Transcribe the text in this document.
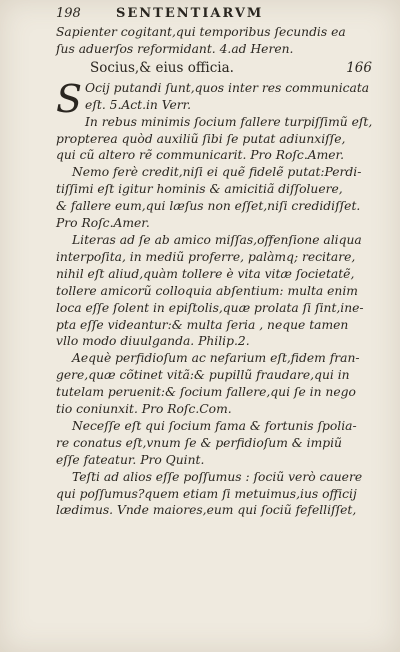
198	SENTENTIARVM
Sapienter cogitant,qui temporibus ſecundis ea
ſus aduerſos reformidant. 4.ad Heren.
Socius,& eius officia.	166
S Ocij putandi ſunt,quos inter res communicata
eſt. 5.Act.in Verr.
In rebus minimis ſocium fallere turpiſſimũ eſt,
propterea quòd auxiliũ ſibi ſe putat adiunxiſſe,
qui cũ altero rẽ communicarit. Pro Roſc.Amer.
Nemo ferè credit,niſi ei quẽ fidelẽ putat:Perdi-
tiſſimi eſt igitur hominis & amicitiã diſſoluere,
& fallere eum,qui læſus non eſſet,niſi credidiſſet.
Pro Roſc.Amer.
Literas ad ſe ab amico miſſas,offenſione aliqua
interpoſita, in mediũ proferre, palàmq; recitare,
nihil eſt aliud,quàm tollere è vita vitæ ſocietatẽ,
tollere amicorũ colloquia abſentium: multa enim
loca eſſe ſolent in epiſtolis,quæ prolata ſi ſint,ine-
pta eſſe videantur:& multa ſeria , neque tamen
vllo modo diuulganda. Philip.2.
Aequè perfidioſum ac nefarium eſt,fidem fran-
gere,quæ cõtinet vitã:& pupillũ fraudare,qui in
tutelam peruenit:& ſocium fallere,qui ſe in nego
tio coniunxit. Pro Roſc.Com.
Neceſſe eſt qui ſocium fama & fortunis ſpolia-
re conatus eſt,vnum ſe & perfidioſum & impiũ
eſſe fateatur. Pro Quint.
Teſti ad alios eſſe poſſumus : ſociũ verò cauere
qui poſſumus?quem etiam ſi metuimus,ius officij
lædimus. Vnde maiores,eum qui ſociũ fefelliſſet,
